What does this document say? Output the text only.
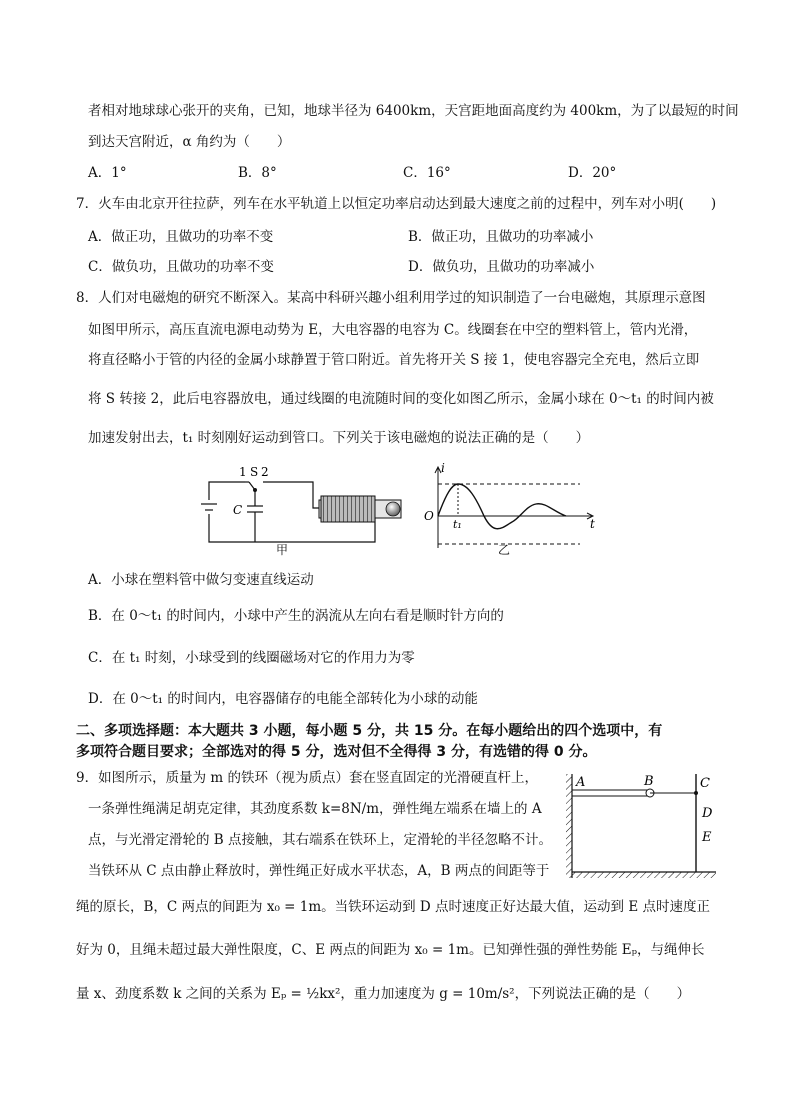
者相对地球球心张开的夹角，已知，地球半径为 6400km，天宫距地面高度约为 400km，为了以最短的时间
到达天宫附近，α 角约为（　　）
A．1°	B．8°	C．16°	D．20°
7．火车由北京开往拉萨，列车在水平轨道上以恒定功率启动达到最大速度之前的过程中，列车对小明(　　)
A．做正功，且做功的功率不变	B．做正功，且做功的功率减小
C．做负功，且做功的功率不变	D．做负功，且做功的功率减小
8．人们对电磁炮的研究不断深入。某高中科研兴趣小组利用学过的知识制造了一台电磁炮，其原理示意图
如图甲所示，高压直流电源电动势为 E，大电容器的电容为 C。线圈套在中空的塑料管上，管内光滑，
将直径略小于管的内径的金属小球静置于管口附近。首先将开关 S 接 1，使电容器完全充电，然后立即
将 S 转接 2，此后电容器放电，通过线圈的电流随时间的变化如图乙所示，金属小球在 0～t₁ 的时间内被
加速发射出去，t₁ 时刻刚好运动到管口。下列关于该电磁炮的说法正确的是（　　）
1 S 2
C
甲
i
O
t
t₁
乙
A．小球在塑料管中做匀变速直线运动
B．在 0～t₁ 的时间内，小球中产生的涡流从左向右看是顺时针方向的
C．在 t₁ 时刻，小球受到的线圈磁场对它的作用力为零
D．在 0～t₁ 的时间内，电容器储存的电能全部转化为小球的动能
二、多项选择题：本大题共 3 小题，每小题 5 分，共 15 分。在每小题给出的四个选项中，有
多项符合题目要求；全部选对的得 5 分，选对但不全得得 3 分，有选错的得 0 分。
9．如图所示，质量为 m 的铁环（视为质点）套在竖直固定的光滑硬直杆上，
一条弹性绳满足胡克定律，其劲度系数 k=8N/m，弹性绳左端系在墙上的 A
点，与光滑定滑轮的 B 点接触，其右端系在铁环上，定滑轮的半径忽略不计。
当铁环从 C 点由静止释放时，弹性绳正好成水平状态，A，B 两点的间距等于
绳的原长，B，C 两点的间距为 x₀ = 1m。当铁环运动到 D 点时速度正好达最大值，运动到 E 点时速度正
好为 0，且绳未超过最大弹性限度，C、E 两点的间距为 x₀ = 1m。已知弹性强的弹性势能 Eₚ，与绳伸长
量 x、劲度系数 k 之间的关系为 Eₚ = ½kx²，重力加速度为 g = 10m/s²，下列说法正确的是（　　）
A	B	C
D
E
